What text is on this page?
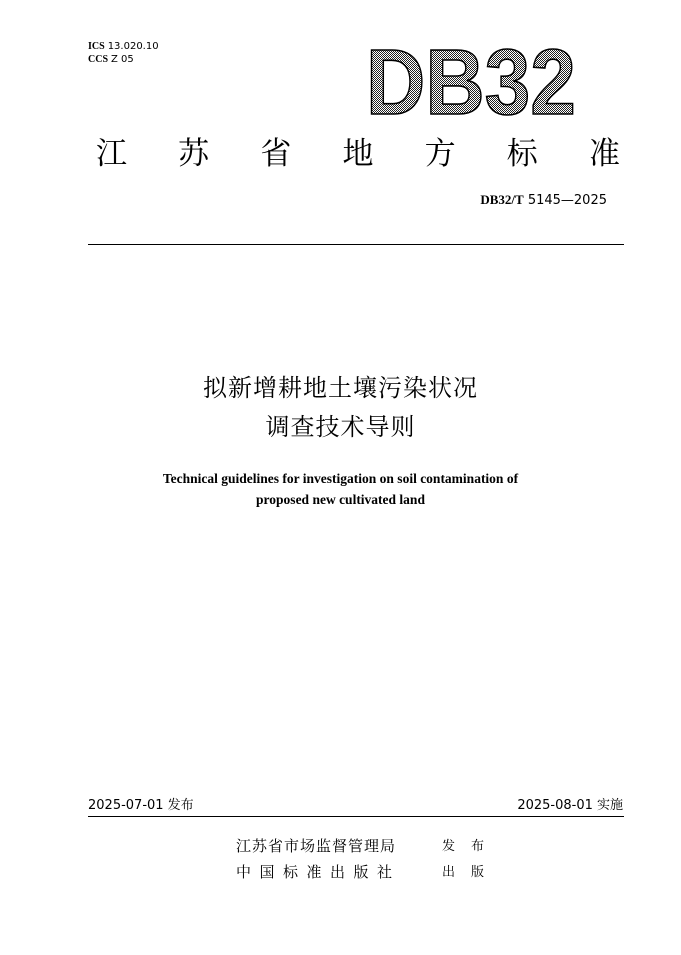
ICS 13.020.10
CCS Z 05 DB32
江 苏 省 地 方 标 准
DB32/T 5145—2025
拟新增耕地土壤污染状况
调查技术导则
Technical guidelines for investigation on soil contamination of
proposed new cultivated land
2025-07-01 发布	2025-08-01 实施
江苏省市场监督管理局	发布
中国标准出版社	出版
